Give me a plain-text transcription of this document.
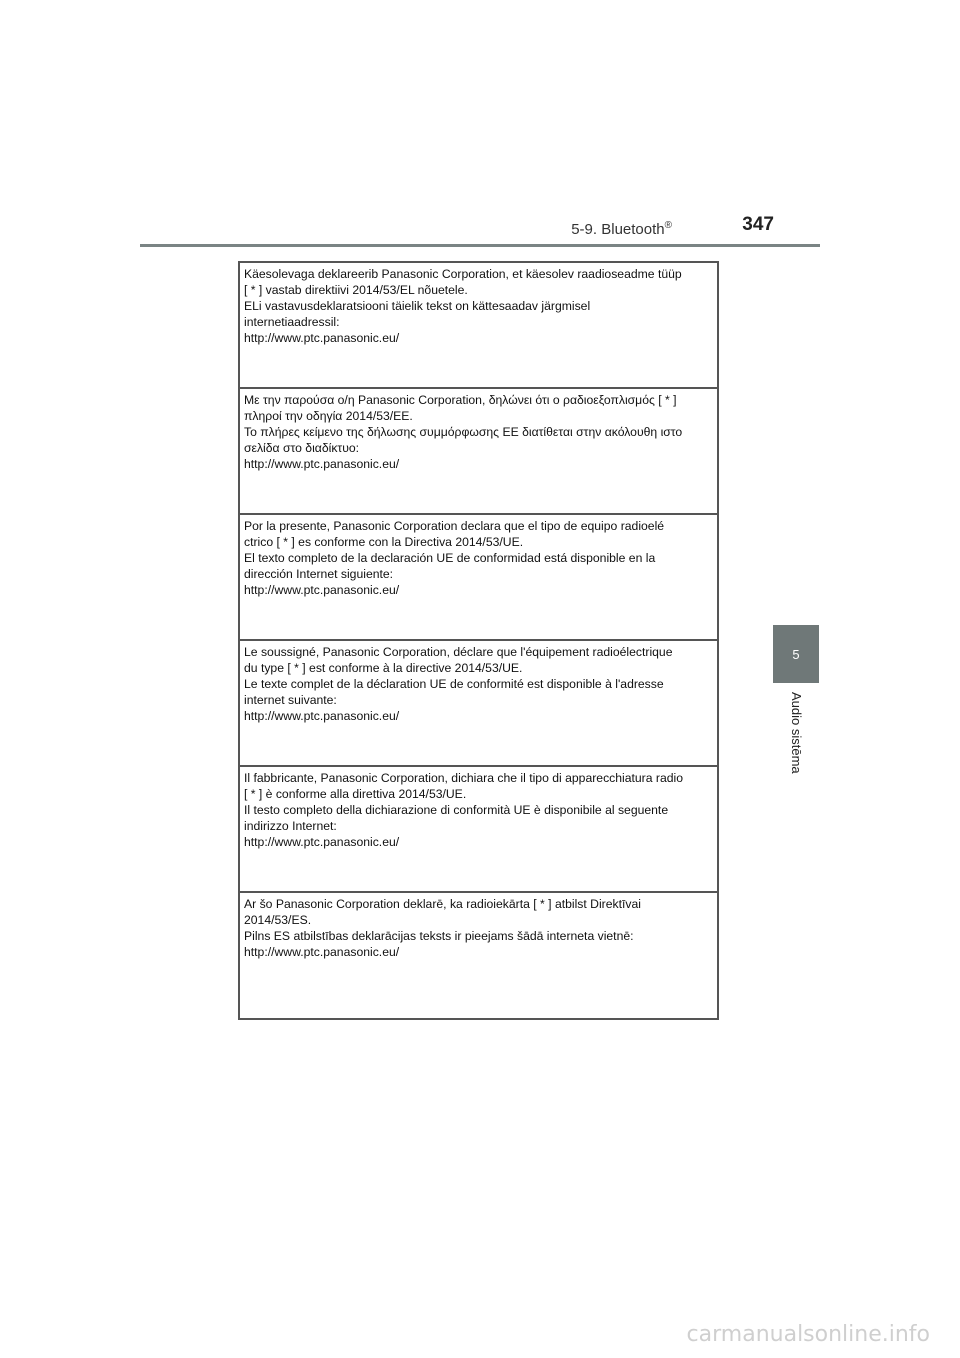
5-9. Bluetooth®	347
5
Audio sistēma
Käesolevaga deklareerib Panasonic Corporation, et käesolev raadioseadme tüüp
[ * ] vastab direktiivi 2014/53/EL nõuetele.
ELi vastavusdeklaratsiooni täielik tekst on kättesaadav järgmisel
internetiaadressil:
http://www.ptc.panasonic.eu/
Με την παρούσα ο/η Panasonic Corporation, δηλώνει ότι ο ραδιοεξοπλισμός [ * ]
πληροί την οδηγία 2014/53/ΕΕ.
Το πλήρες κείμενο της δήλωσης συμμόρφωσης ΕΕ διατίθεται στην ακόλουθη ιστο
σελίδα στο διαδίκτυο:
http://www.ptc.panasonic.eu/
Por la presente, Panasonic Corporation declara que el tipo de equipo radioelé
ctrico [ * ] es conforme con la Directiva 2014/53/UE.
El texto completo de la declaración UE de conformidad está disponible en la
dirección Internet siguiente:
http://www.ptc.panasonic.eu/
Le soussigné, Panasonic Corporation, déclare que l'équipement radioélectrique
du type [ * ] est conforme à la directive 2014/53/UE.
Le texte complet de la déclaration UE de conformité est disponible à l'adresse
internet suivante:
http://www.ptc.panasonic.eu/
Il fabbricante, Panasonic Corporation, dichiara che il tipo di apparecchiatura radio
[ * ] è conforme alla direttiva 2014/53/UE.
Il testo completo della dichiarazione di conformità UE è disponibile al seguente
indirizzo Internet:
http://www.ptc.panasonic.eu/
Ar šo Panasonic Corporation deklarē, ka radioiekārta [ * ] atbilst Direktīvai
2014/53/ES.
Pilns ES atbilstības deklarācijas teksts ir pieejams šādā interneta vietnē:
http://www.ptc.panasonic.eu/
carmanualsonline.info
